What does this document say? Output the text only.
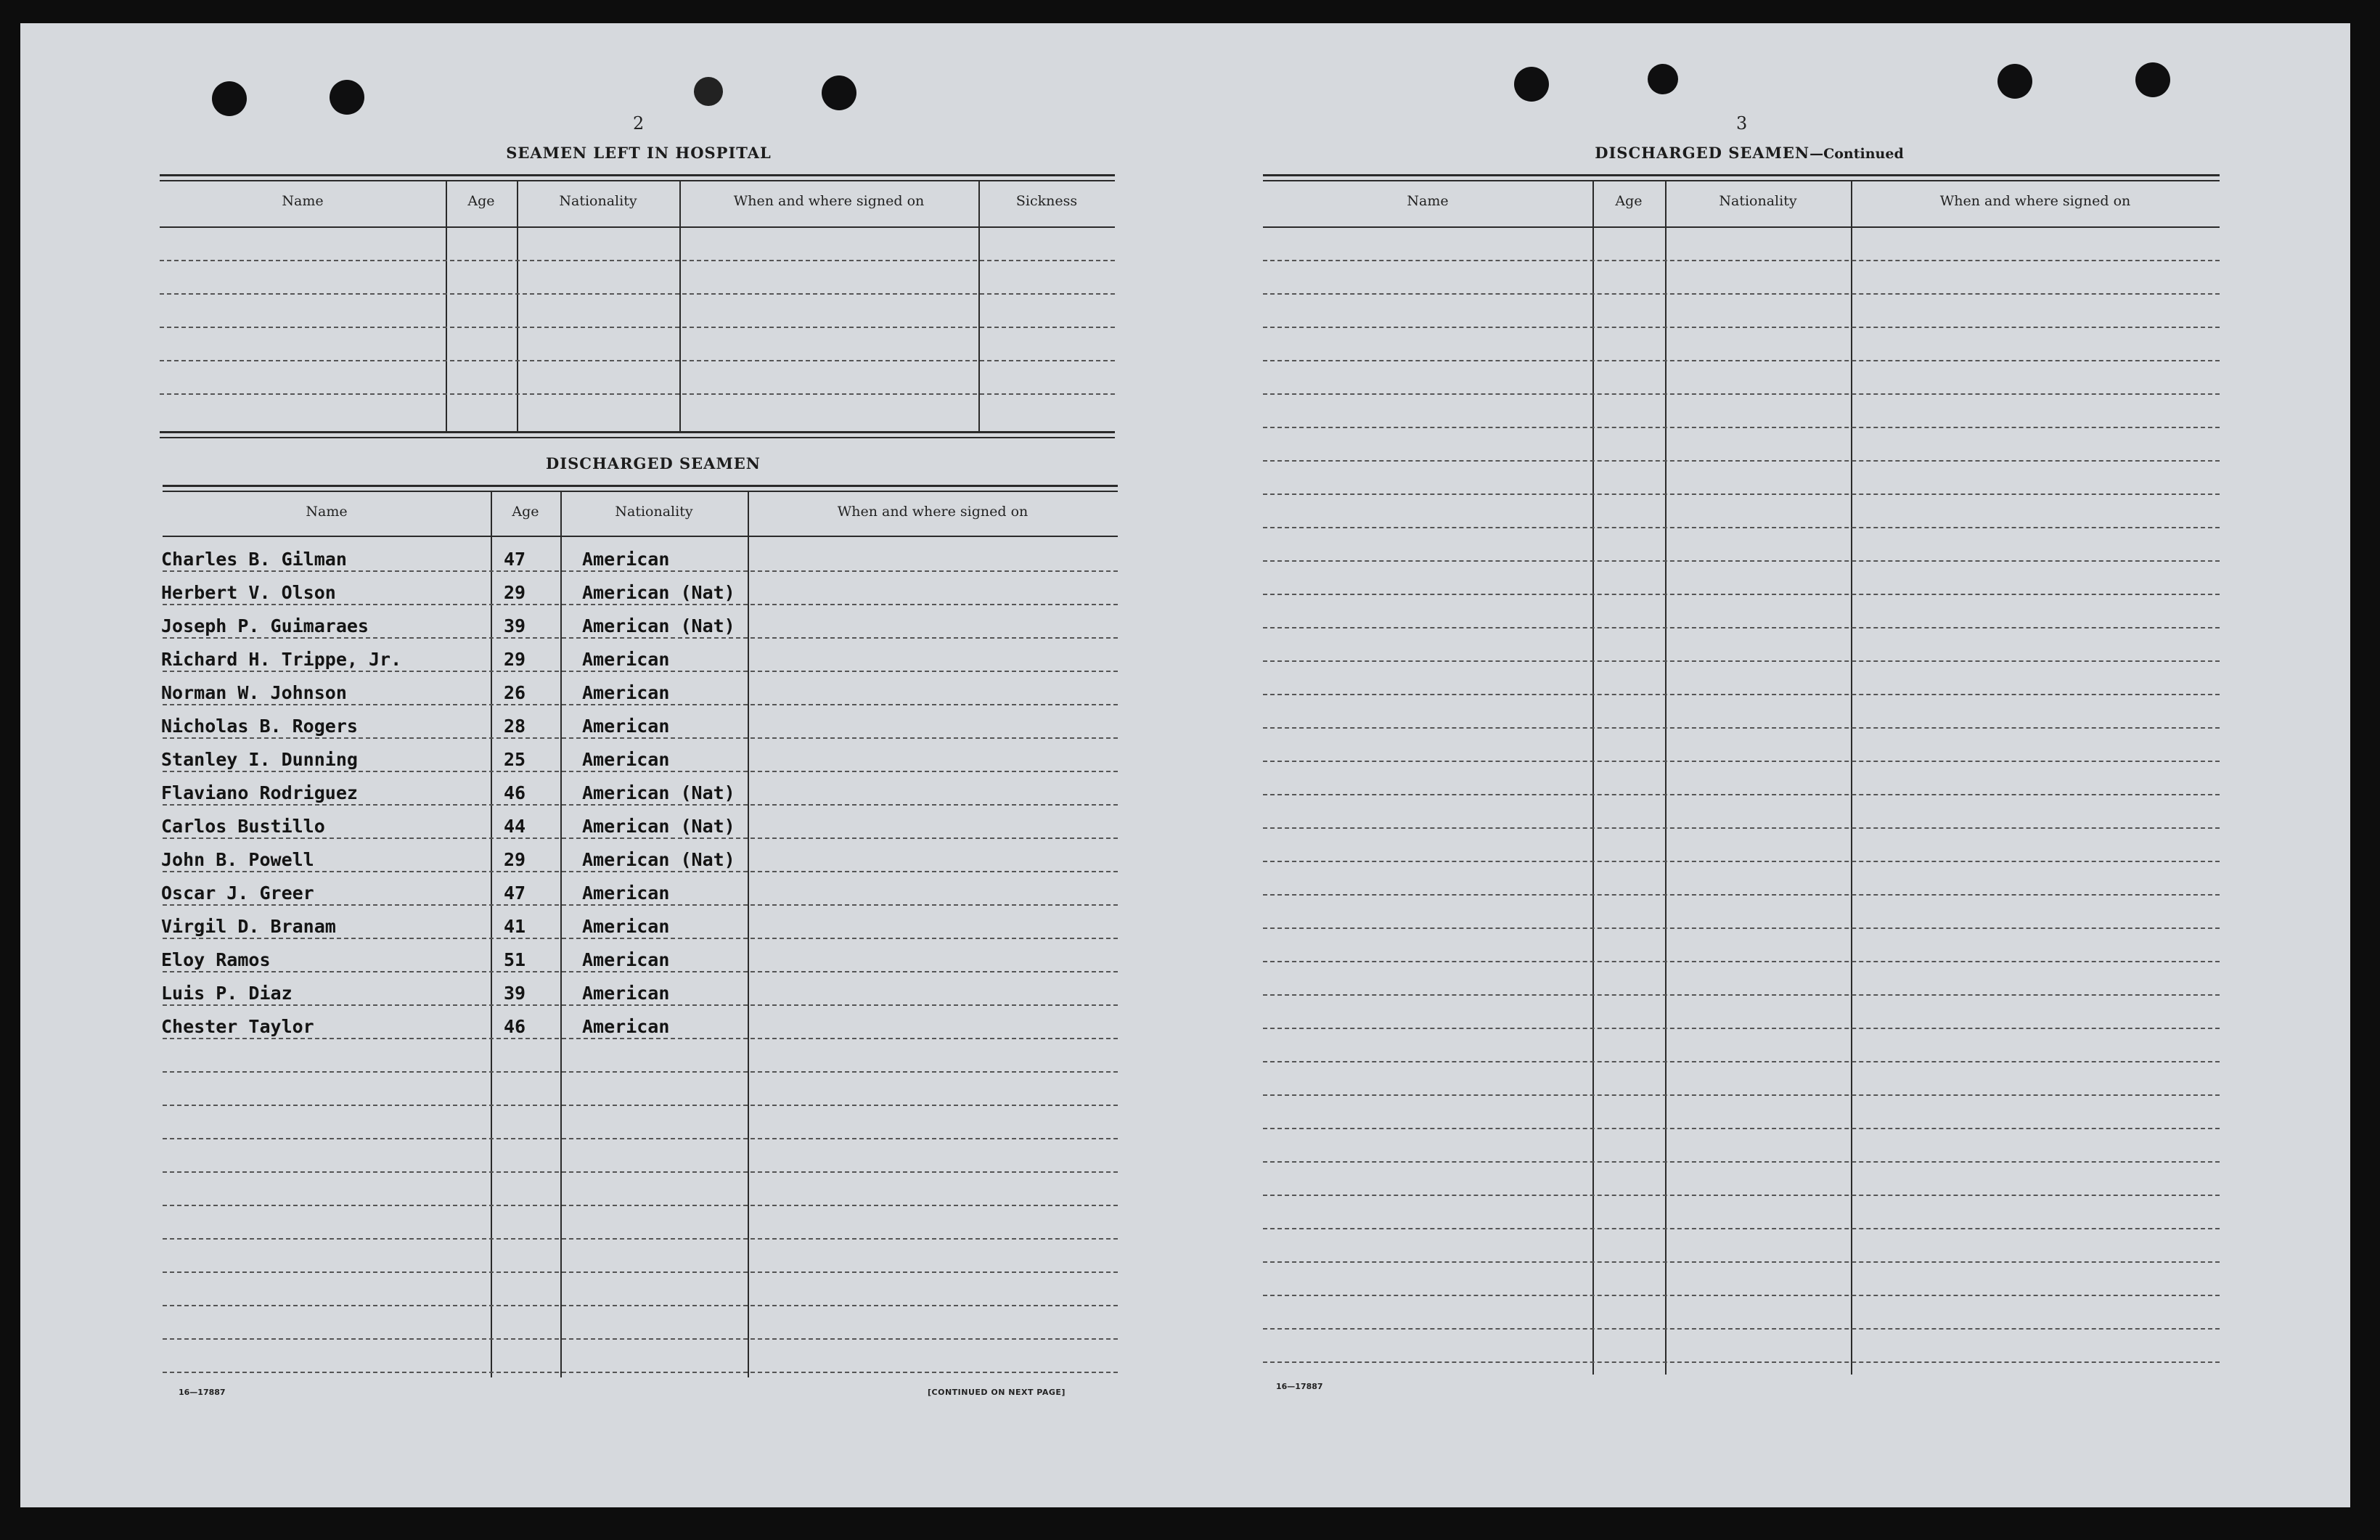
2
SEAMEN LEFT IN HOSPITAL
Name	Age	Nationality	When and where signed on	Sickness
DISCHARGED SEAMEN
Name	Age	Nationality	When and where signed on
Charles B. Gilman	47	American
Herbert V. Olson	29	American (Nat)
Joseph P. Guimaraes	39	American (Nat)
Richard H. Trippe, Jr.	29	American
Norman W. Johnson	26	American
Nicholas B. Rogers	28	American
Stanley I. Dunning	25	American
Flaviano Rodriguez	46	American (Nat)
Carlos Bustillo	44	American (Nat)
John B. Powell	29	American (Nat)
Oscar J. Greer	47	American
Virgil D. Branam	41	American
Eloy Ramos	51	American
Luis P. Diaz	39	American
Chester Taylor	46	American
16—17887	[CONTINUED ON NEXT PAGE]
3
DISCHARGED SEAMEN—Continued
Name	Age	Nationality	When and where signed on
16—17887
